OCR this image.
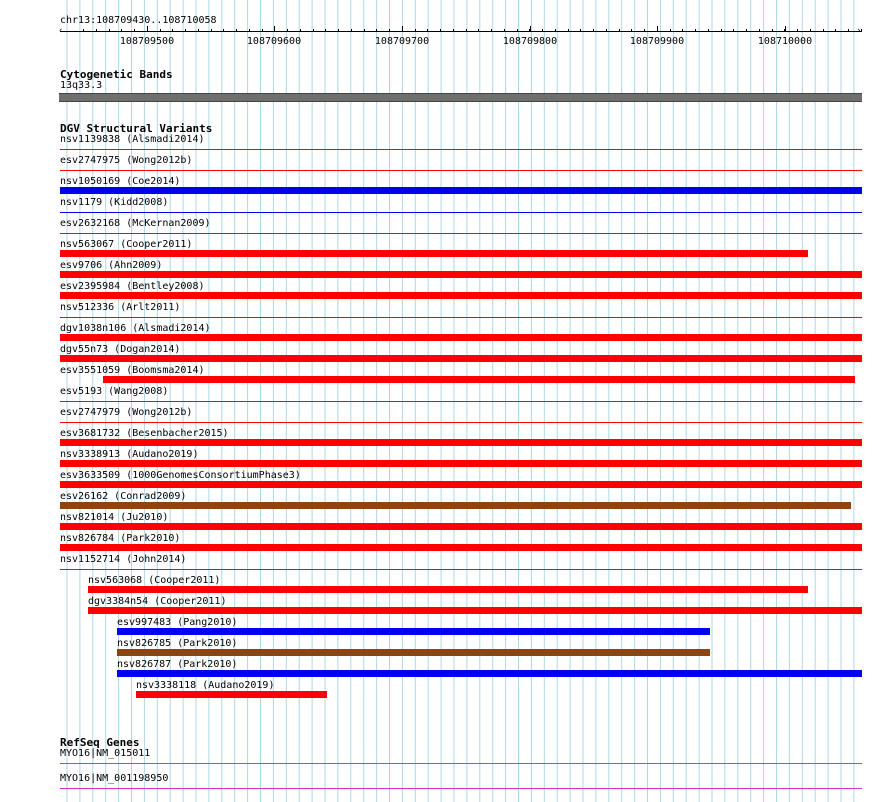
chr13:108709430..108710058
‹	›
108709500	108709600	108709700	108709800	108709900	108710000
Cytogenetic Bands
13q33.3
DGV Structural Variants
nsv1139838 (Alsmadi2014)
esv2747975 (Wong2012b)
nsv1050169 (Coe2014)
nsv1179 (Kidd2008)
esv2632168 (McKernan2009)
nsv563067 (Cooper2011)
esv9706 (Ahn2009)
esv2395984 (Bentley2008)
nsv512336 (Arlt2011)
dgv1038n106 (Alsmadi2014)
dgv55n73 (Dogan2014)
esv3551059 (Boomsma2014)
esv5193 (Wang2008)
esv2747979 (Wong2012b)
esv3681732 (Besenbacher2015)
nsv3338913 (Audano2019)
esv3633509 (1000GenomesConsortiumPhase3)
esv26162 (Conrad2009)
nsv821014 (Ju2010)
nsv826784 (Park2010)
nsv1152714 (John2014)
nsv563068 (Cooper2011)
dgv3384n54 (Cooper2011)
esv997483 (Pang2010)
nsv826785 (Park2010)
nsv826787 (Park2010)
nsv3338118 (Audano2019)
RefSeq Genes
MYO16|NM_015011
MYO16|NM_001198950
